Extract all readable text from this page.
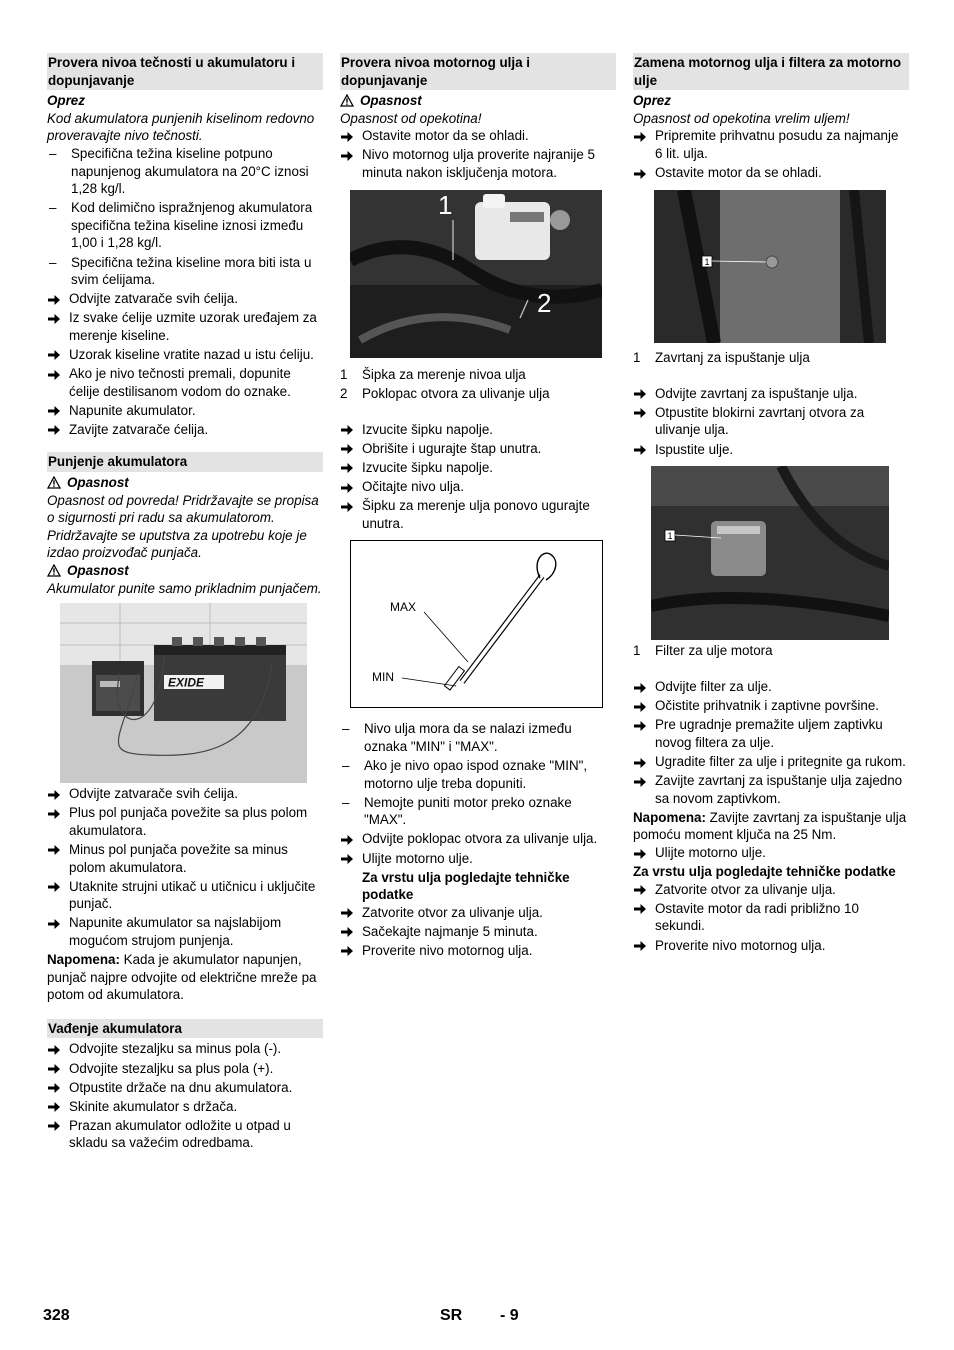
Provera nivoa tečnosti u akumulatoru i dopunjavanje
Oprez
Kod akumulatora punjenih kiselinom redovno proveravajte nivo tečnosti.
–	Specifična težina kiseline potpuno napunjenog akumulatora na 20°C iznosi 1,28 kg/l.
–	Kod delimično ispražnjenog akumulatora specifična težina kiseline iznosi između 1,00 i 1,28 kg/l.
–	Specifična težina kiseline mora biti ista u svim ćelijama.
Odvijte zatvarače svih ćelija.
Iz svake ćelije uzmite uzorak uređajem za merenje kiseline.
Uzorak kiseline vratite nazad u istu ćeliju.
Ako je nivo tečnosti premali, dopunite ćelije destilisanom vodom do oznake.
Napunite akumulator.
Zavijte zatvarače ćelija.
Punjenje akumulatora
Opasnost
Opasnost od povreda! Pridržavajte se propisa o sigurnosti pri radu sa akumulatorom. Pridržavajte se uputstva za upotrebu koje je izdao proizvođač punjača.
Opasnost
Akumulator punite samo prikladnim punjačem.
EXIDE
Odvijte zatvarače svih ćelija.
Plus pol punjača povežite sa plus polom akumulatora.
Minus pol punjača povežite sa minus polom akumulatora.
Utaknite strujni utikač u utičnicu i uključite punjač.
Napunite akumulator sa najslabijom mogućom strujom punjenja.
Napomena: Kada je akumulator napunjen, punjač najpre odvojite od električne mreže pa potom od akumulatora.
Vađenje akumulatora
Odvojite stezaljku sa minus pola (-).
Odvojite stezaljku sa plus pola (+).
Otpustite držače na dnu akumulatora.
Skinite akumulator s držača.
Prazan akumulator odložite u otpad u skladu sa važećim odredbama.
Provera nivoa motornog ulja i dopunjavanje
Opasnost
Opasnost od opekotina!
Ostavite motor da se ohladi.
Nivo motornog ulja proverite najranije 5 minuta nakon isključenja motora.
1
2
1	Šipka za merenje nivoa ulja
2	Poklopac otvora za ulivanje ulja
Izvucite šipku napolje.
Obrišite i ugurajte štap unutra.
Izvucite šipku napolje.
Očitajte nivo ulja.
Šipku za merenje ulja ponovo ugurajte unutra.
MAX
MIN
–	Nivo ulja mora da se nalazi između oznaka "MIN" i "MAX".
–	Ako je nivo opao ispod oznake "MIN", motorno ulje treba dopuniti.
–	Nemojte puniti motor preko oznake "MAX".
Odvijte poklopac otvora za ulivanje ulja.
Ulijte motorno ulje.
Za vrstu ulja pogledajte tehničke podatke
Zatvorite otvor za ulivanje ulja.
Sačekajte najmanje 5 minuta.
Proverite nivo motornog ulja.
Zamena motornog ulja i filtera za motorno ulje
Oprez
Opasnost od opekotina vrelim uljem!
Pripremite prihvatnu posudu za najmanje 6 lit. ulja.
Ostavite motor da se ohladi.
1
1	Zavrtanj za ispuštanje ulja
Odvijte zavrtanj za ispuštanje ulja.
Otpustite blokirni zavrtanj otvora za ulivanje ulja.
Ispustite ulje.
1
1	Filter za ulje motora
Odvijte filter za ulje.
Očistite prihvatnik i zaptivne površine.
Pre ugradnje premažite uljem zaptivku novog filtera za ulje.
Ugradite filter za ulje i pritegnite ga rukom.
Zavijte zavrtanj za ispuštanje ulja zajedno sa novom zaptivkom.
Napomena: Zavijte zavrtanj za ispuštanje ulja pomoću moment ključa na 25 Nm.
Ulijte motorno ulje.
Za vrstu ulja pogledajte tehničke podatke
Zatvorite otvor za ulivanje ulja.
Ostavite motor da radi približno 10 sekundi.
Proverite nivo motornog ulja.
328	SR - 9
